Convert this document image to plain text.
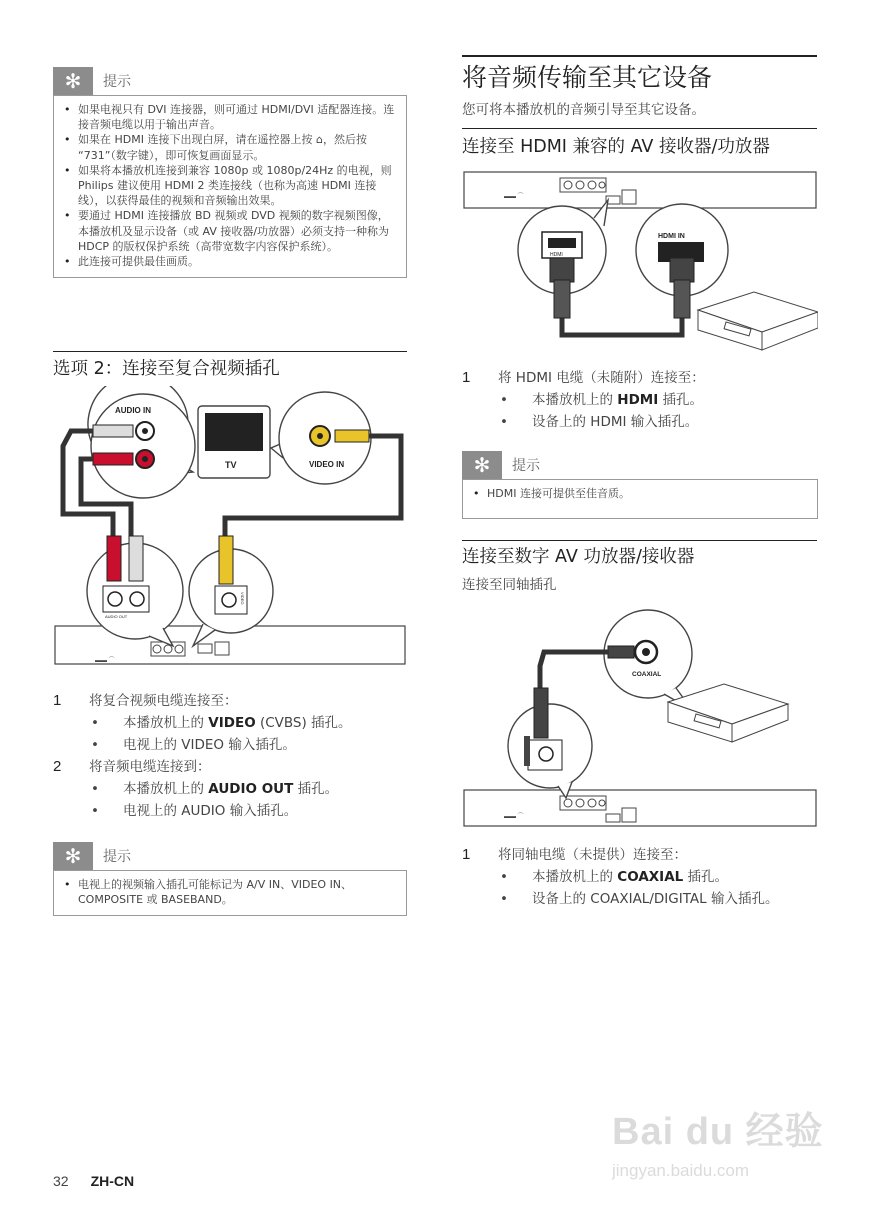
✻	提示
• 如果电视只有 DVI 连接器，则可通过 HDMI/DVI 适配器连接。连接音频电缆以用于输出声音。
• 如果在 HDMI 连接下出现白屏，请在遥控器上按 ⌂，然后按 “731”（数字键），即可恢复画面显示。
• 如果将本播放机连接到兼容 1080p 或 1080p/24Hz 的电视，则 Philips 建议使用 HDMI 2 类连接线（也称为高速 HDMI 连接线），以获得最佳的视频和音频输出效果。
• 要通过 HDMI 连接播放 BD 视频或 DVD 视频的数字视频图像，本播放机及显示设备（或 AV 接收器/功放器）必须支持一种称为 HDCP 的版权保护系统（高带宽数字内容保护系统）。
• 此连接可提供最佳画质。
选项 2：连接至复合视频插孔
▬▬ ⌒
AUDIO IN
TV	VIDEO IN
AUDIO OUT
VIDEO
1	将复合视频电缆连接至：
• 本播放机上的 VIDEO (CVBS) 插孔。
• 电视上的 VIDEO 输入插孔。
2	将音频电缆连接到：
• 本播放机上的 AUDIO OUT 插孔。
• 电视上的 AUDIO 输入插孔。
✻	提示
• 电视上的视频输入插孔可能标记为 A/V IN、VIDEO IN、COMPOSITE 或 BASEBAND。
将音频传输至其它设备
您可将本播放机的音频引导至其它设备。
连接至 HDMI 兼容的 AV 接收器/功放器
▬▬ ⌒
HDMI
HDMI IN
1	将 HDMI 电缆（未随附）连接至：
• 本播放机上的 HDMI 插孔。
• 设备上的 HDMI 输入插孔。
✻	提示
• HDMI 连接可提供至佳音质。
连接至数字 AV 功放器/接收器
连接至同轴插孔
▬▬ ⌒
COAXIAL
1	将同轴电缆（未提供）连接至：
• 本播放机上的 COAXIAL 插孔。
• 设备上的 COAXIAL/DIGITAL 输入插孔。
32 ZH-CN
Bai du 经验
jingyan.baidu.com
